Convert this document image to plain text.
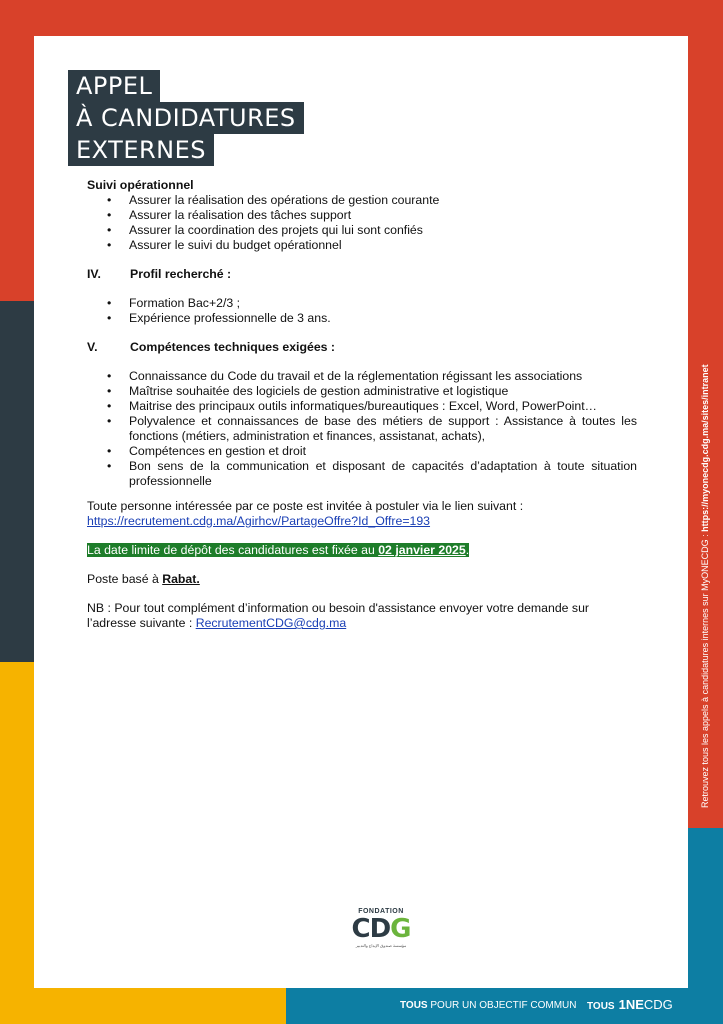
APPEL
À CANDIDATURES
EXTERNES
Suivi opérationnel
• Assurer la réalisation des opérations de gestion courante
• Assurer la réalisation des tâches support
• Assurer la coordination des projets qui lui sont confiés
• Assurer le suivi du budget opérationnel
IV.	Profil recherché :
• Formation Bac+2/3 ;
• Expérience professionnelle de 3 ans.
V.	Compétences techniques exigées :
• Connaissance du Code du travail et de la réglementation régissant les associations
• Maîtrise souhaitée des logiciels de gestion administrative et logistique
• Maitrise des principaux outils informatiques/bureautiques : Excel, Word, PowerPoint…
• Polyvalence et connaissances de base des métiers de support : Assistance à toutes les fonctions (métiers, administration et finances, assistanat, achats),
• Compétences en gestion et droit
• Bon sens de la communication et disposant de capacités d’adaptation à toute situation professionnelle
Toute personne intéressée par ce poste est invitée à postuler via le lien suivant :
https://recrutement.cdg.ma/Agirhcv/PartageOffre?Id_Offre=193
La date limite de dépôt des candidatures est fixée au 02 janvier 2025.
Poste basé à Rabat.
NB : Pour tout complément d’information ou besoin d'assistance envoyer votre demande sur l’adresse suivante : RecrutementCDG@cdg.ma	Retrouvez tous les appels à candidatures internes sur MyONECDG : https://myonecdg.cdg.ma/sites/intranet
FONDATION
CDG
مؤسسة صندوق الإيداع والتدبير
TOUS POUR UN OBJECTIF COMMUN TOUS 1NECDG
